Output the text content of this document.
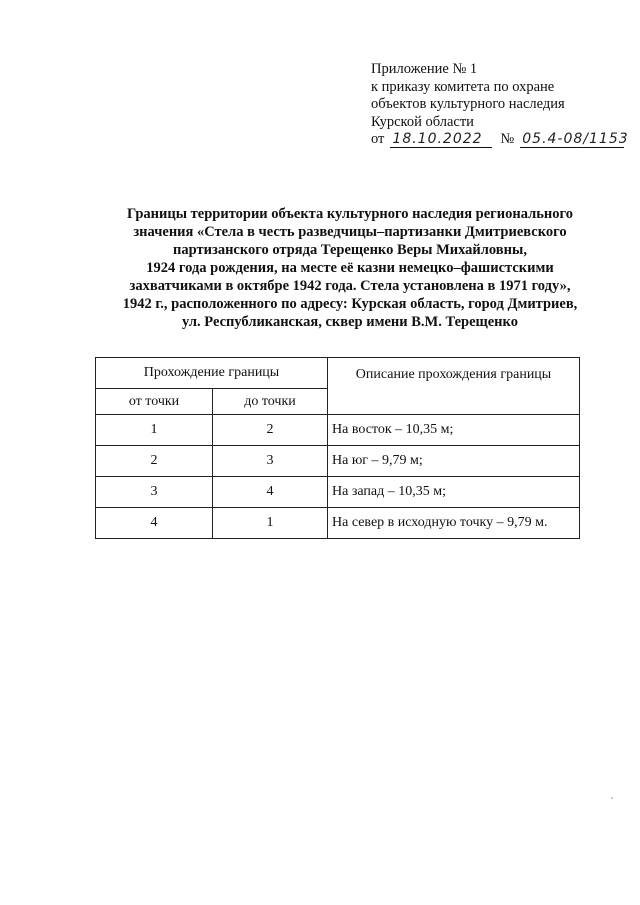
Приложение № 1
к приказу комитета по охране
объектов культурного наследия
Курской области
от 18.10.2022 № 05.4-08/1153
Границы территории объекта культурного наследия регионального
значения «Стела в честь разведчицы–партизанки Дмитриевского
партизанского отряда Терещенко Веры Михайловны,
1924 года рождения, на месте её казни немецко–фашистскими
захватчиками в октябре 1942 года. Стела установлена в 1971 году»,
1942 г., расположенного по адресу: Курская область, город Дмитриев,
ул. Республиканская, сквер имени В.М. Терещенко
Прохождение границы		Описание прохождения границы
от точки	до точки	
1	2	На восток – 10,35 м;
2	3	На юг – 9,79 м;
3	4	На запад – 10,35 м;
4	1	На север в исходную точку – 9,79 м.
